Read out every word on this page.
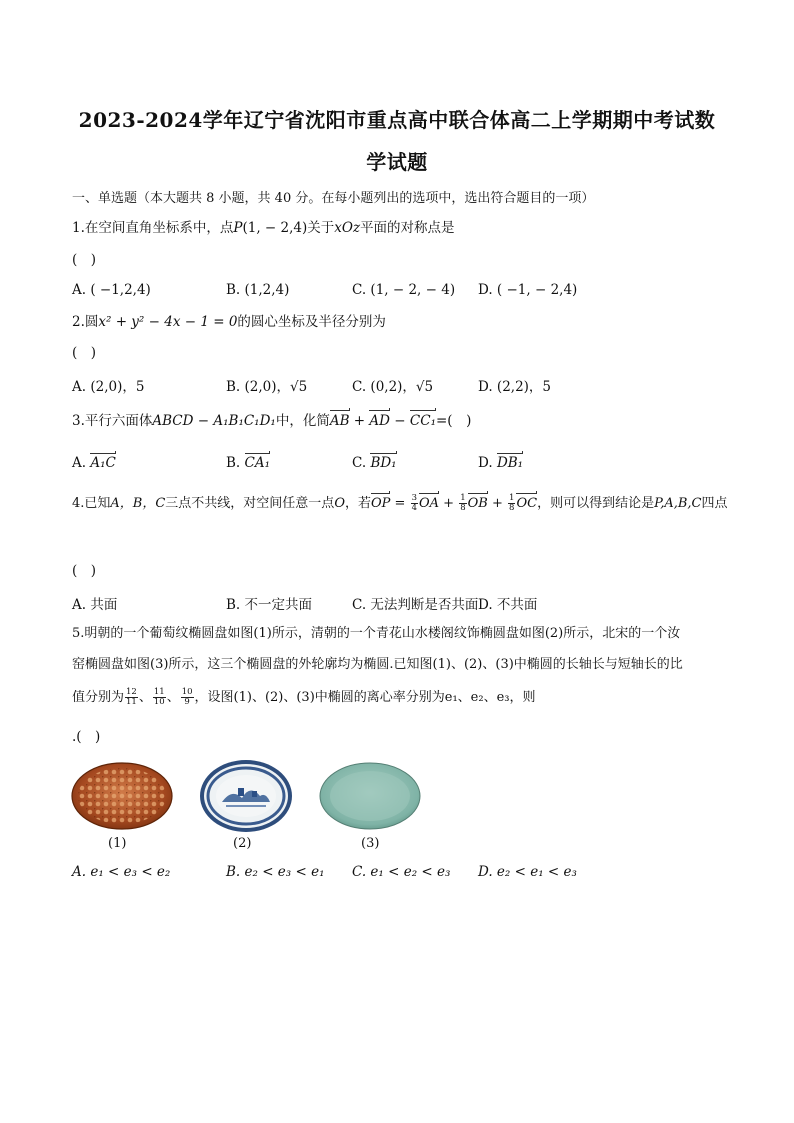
2023-2024学年辽宁省沈阳市重点高中联合体高二上学期期中考试数
学试题
一、单选题（本大题共 8 小题，共 40 分。在每小题列出的选项中，选出符合题目的一项）
1.在空间直角坐标系中，点P(1, − 2,4)关于xOz平面的对称点是
(　)
A. ( −1,2,4)	B. (1,2,4)	C. (1, − 2, − 4) D. ( −1, − 2,4)
2.圆x² + y² − 4x − 1 = 0的圆心坐标及半径分别为
(　)
A. (2,0)，5	B. (2,0)，√5	C. (0,2)，√5	D. (2,2)，5
3.平行六面体ABCD − A₁B₁C₁D₁中，化简AB + AD − CC₁=(　)
A. A₁C	B. CA₁	C. BD₁	D. DB₁
4.已知A，B，C三点不共线，对空间任意一点O，若OP = $\frac{3}{4}$ OA + $\frac{1}{8}$ OB + $\frac{1}{8}$ OC，则可以得到结论是P,A,B,C四点
(　)
A. 共面	B. 不一定共面	C. 无法判断是否共面 D. 不共面
5.明朝的一个葡萄纹椭圆盘如图(1)所示，清朝的一个青花山水楼阁纹饰椭圆盘如图(2)所示，北宋的一个汝
窑椭圆盘如图(3)所示，这三个椭圆盘的外轮廓均为椭圆.已知图(1)、(2)、(3)中椭圆的长轴长与短轴长的比
值分别为 $\frac{12}{11}$ 、 $\frac{11}{10}$ 、 $\frac{10}{9}$ ，设图(1)、(2)、(3)中椭圆的离心率分别为e₁、e₂、e₃，则
.(　)
(1)	(2)	(3)
A. e₁ < e₃ < e₂	B. e₂ < e₃ < e₁ C. e₁ < e₂ < e₃ D. e₂ < e₁ < e₃
